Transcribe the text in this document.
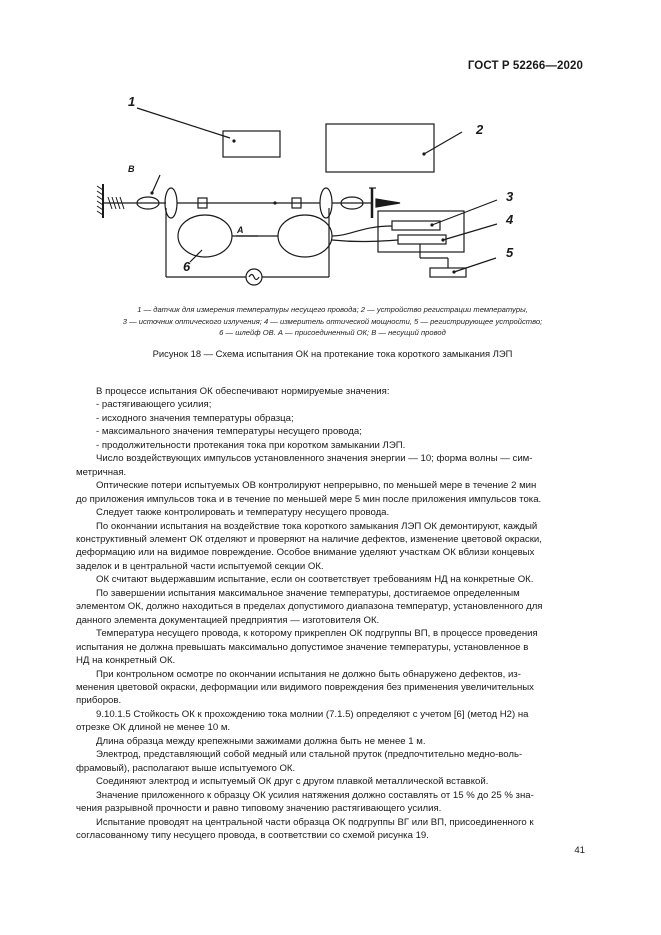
ГОСТ Р 52266—2020
1
2
3
4
5
6
А
В
1 — датчик для измерения температуры несущего провода; 2 — устройство регистрации температуры,
3 — источник оптического излучения; 4 — измеритель оптической мощности, 5 — регистрирующее устройство;
6 — шлейф ОВ. А — присоединенный ОК; В — несущий провод
Рисунок 18 — Схема испытания ОК на протекание тока короткого замыкания ЛЭП
В процессе испытания ОК обеспечивают нормируемые значения:
- растягивающего усилия;
- исходного значения температуры образца;
- максимального значения температуры несущего провода;
- продолжительности протекания тока при коротком замыкании ЛЭП.
Число воздействующих импульсов установленного значения энергии — 10; форма волны — сим-
метричная.
Оптические потери испытуемых ОВ контролируют непрерывно, по меньшей мере в течение 2 мин
до приложения импульсов тока и в течение по меньшей мере 5 мин после приложения импульсов тока.
Следует также контролировать и температуру несущего провода.
По окончании испытания на воздействие тока короткого замыкания ЛЭП ОК демонтируют, каждый
конструктивный элемент ОК отделяют и проверяют на наличие дефектов, изменение цветовой окраски,
деформацию или на видимое повреждение. Особое внимание уделяют участкам ОК вблизи концевых
заделок и в центральной части испытуемой секции ОК.
ОК считают выдержавшим испытание, если он соответствует требованиям НД на конкретные ОК.
По завершении испытания максимальное значение температуры, достигаемое определенным
элементом ОК, должно находиться в пределах допустимого диапазона температур, установленного для
данного элемента документацией предприятия — изготовителя ОК.
Температура несущего провода, к которому прикреплен ОК подгруппы ВП, в процессе проведения
испытания не должна превышать максимально допустимое значение температуры, установленное в
НД на конкретный ОК.
При контрольном осмотре по окончании испытания не должно быть обнаружено дефектов, из-
менения цветовой окраски, деформации или видимого повреждения без применения увеличительных
приборов.
9.10.1.5 Стойкость ОК к прохождению тока молнии (7.1.5) определяют с учетом [6] (метод Н2) на
отрезке ОК длиной не менее 10 м.
Длина образца между крепежными зажимами должна быть не менее 1 м.
Электрод, представляющий собой медный или стальной пруток (предпочтительно медно-воль-
фрамовый), располагают выше испытуемого ОК.
Соединяют электрод и испытуемый ОК друг с другом плавкой металлической вставкой.
Значение приложенного к образцу ОК усилия натяжения должно составлять от 15 % до 25 % зна-
чения разрывной прочности и равно типовому значению растягивающего усилия.
Испытание проводят на центральной части образца ОК подгруппы ВГ или ВП, присоединенного к
согласованному типу несущего провода, в соответствии со схемой рисунка 19.
41
